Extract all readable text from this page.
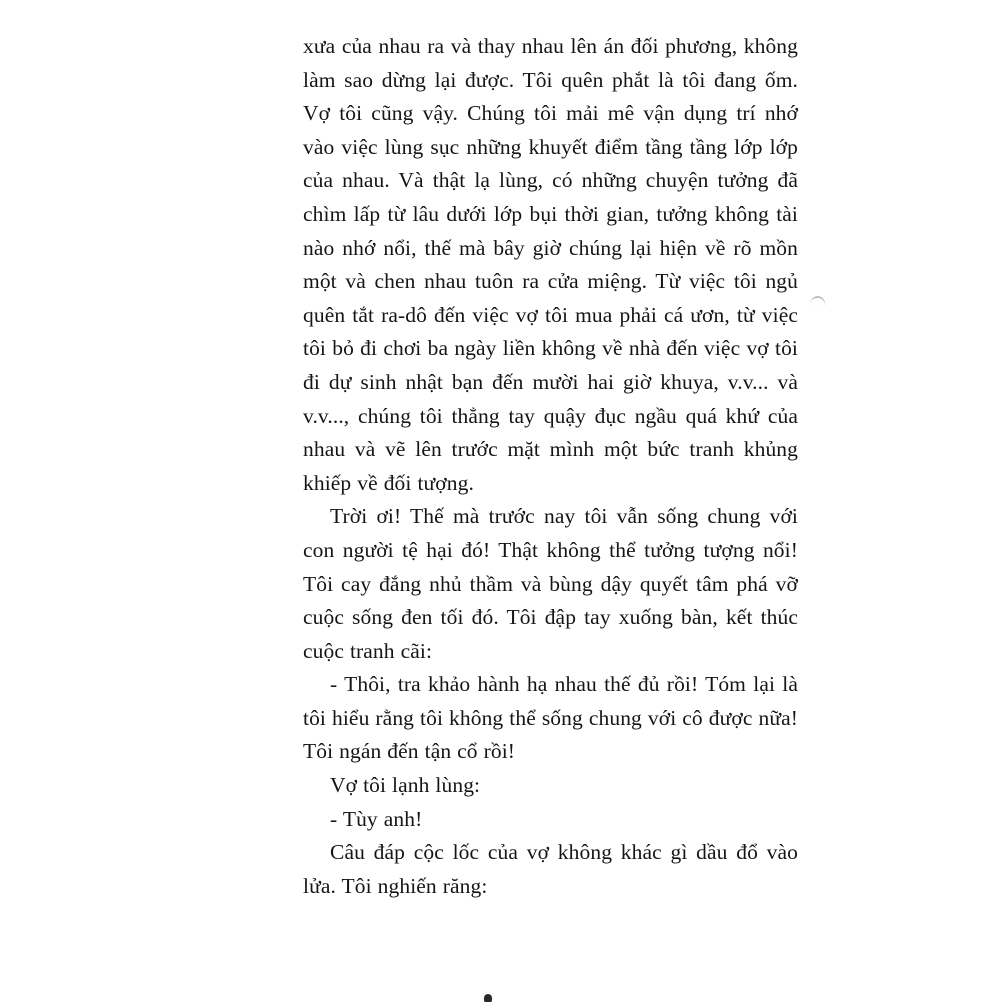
xưa của nhau ra và thay nhau lên án đối phương, không làm sao dừng lại được. Tôi quên phắt là tôi đang ốm. Vợ tôi cũng vậy. Chúng tôi mải mê vận dụng trí nhớ vào việc lùng sục những khuyết điểm tầng tầng lớp lớp của nhau. Và thật lạ lùng, có những chuyện tưởng đã chìm lấp từ lâu dưới lớp bụi thời gian, tưởng không tài nào nhớ nổi, thế mà bây giờ chúng lại hiện về rõ mồn một và chen nhau tuôn ra cửa miệng. Từ việc tôi ngủ quên tắt ra-dô đến việc vợ tôi mua phải cá ươn, từ việc tôi bỏ đi chơi ba ngày liền không về nhà đến việc vợ tôi đi dự sinh nhật bạn đến mười hai giờ khuya, v.v... và v.v..., chúng tôi thẳng tay quậy đục ngầu quá khứ của nhau và vẽ lên trước mặt mình một bức tranh khủng khiếp về đối tượng.

Trời ơi! Thế mà trước nay tôi vẫn sống chung với con người tệ hại đó! Thật không thể tưởng tượng nổi! Tôi cay đắng nhủ thầm và bùng dậy quyết tâm phá vỡ cuộc sống đen tối đó. Tôi đập tay xuống bàn, kết thúc cuộc tranh cãi:

- Thôi, tra khảo hành hạ nhau thế đủ rồi! Tóm lại là tôi hiểu rằng tôi không thể sống chung với cô được nữa! Tôi ngán đến tận cổ rồi!

Vợ tôi lạnh lùng:

- Tùy anh!

Câu đáp cộc lốc của vợ không khác gì dầu đổ vào lửa. Tôi nghiến răng:
